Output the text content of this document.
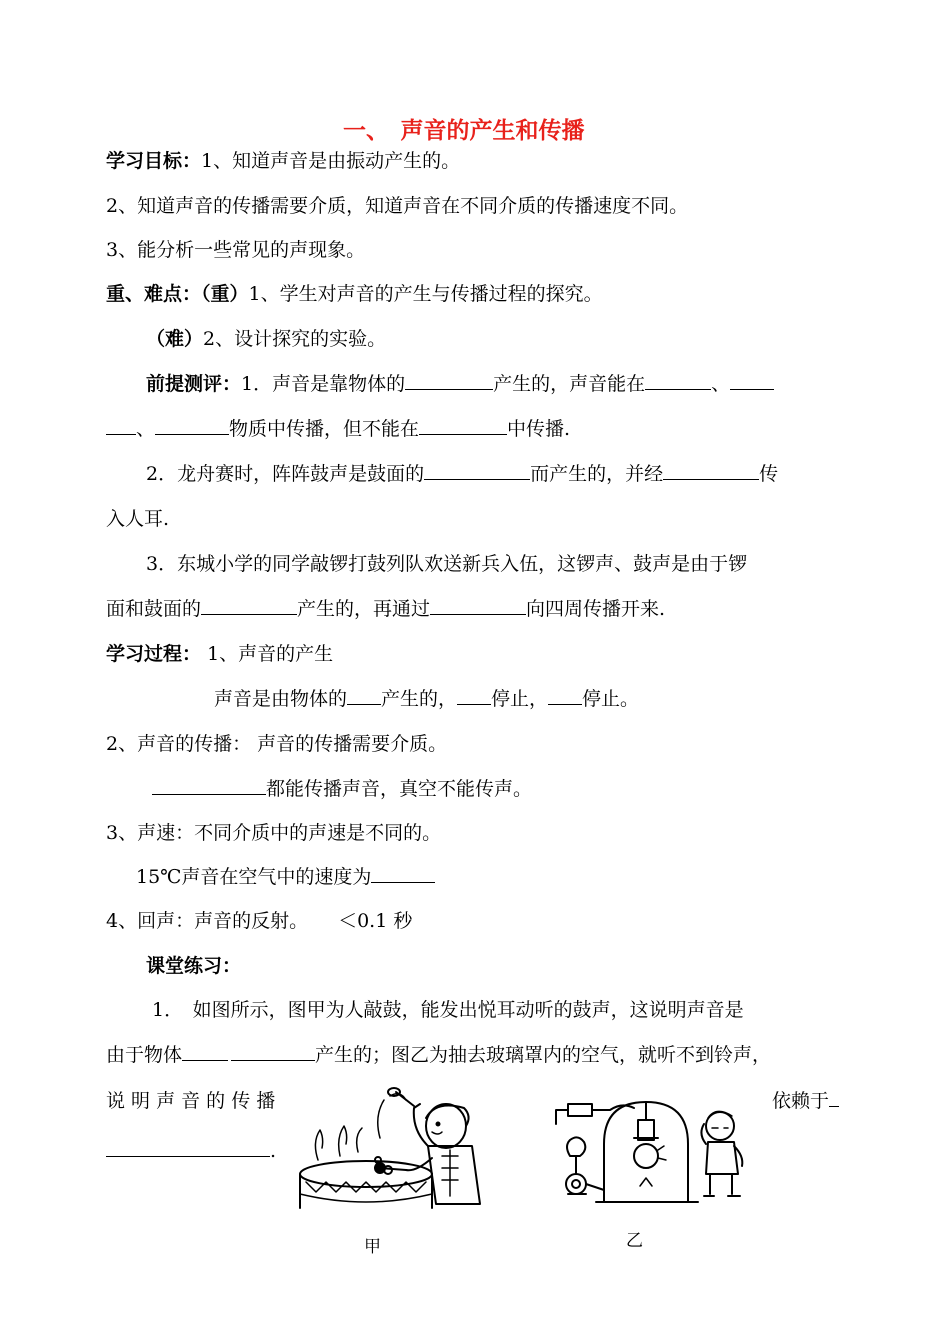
一、　声音的产生和传播
学习目标：1、知道声音是由振动产生的。
2、知道声音的传播需要介质，知道声音在不同介质的传播速度不同。
3、能分析一些常见的声现象。
重、难点：（重）1、学生对声音的产生与传播过程的探究。
（难）2、设计探究的实验。
前提测评：1．声音是靠物体的	产生的，声音能在	、
、	物质中传播，但不能在	中传播.
2．龙舟赛时，阵阵鼓声是鼓面的	而产生的，并经	传
入人耳.
3．东城小学的同学敲锣打鼓列队欢送新兵入伍，这锣声、鼓声是由于锣
面和鼓面的	产生的，再通过	向四周传播开来.
学习过程： 1、声音的产生
声音是由物体的 产生的， 停止， 停止。
2、声音的传播： 声音的传播需要介质。
都能传播声音，真空不能传声。
3、声速：不同介质中的声速是不同的。
15℃声音在空气中的速度为
4、回声：声音的反射。 ＜0.1 秒
课堂练习：
1．　如图所示，图甲为人敲鼓，能发出悦耳动听的鼓声，这说明声音是
由于物体	产生的；图乙为抽去玻璃罩内的空气，就听不到铃声，
说 明 声 音 的 传 播	依赖于
.
甲	乙
